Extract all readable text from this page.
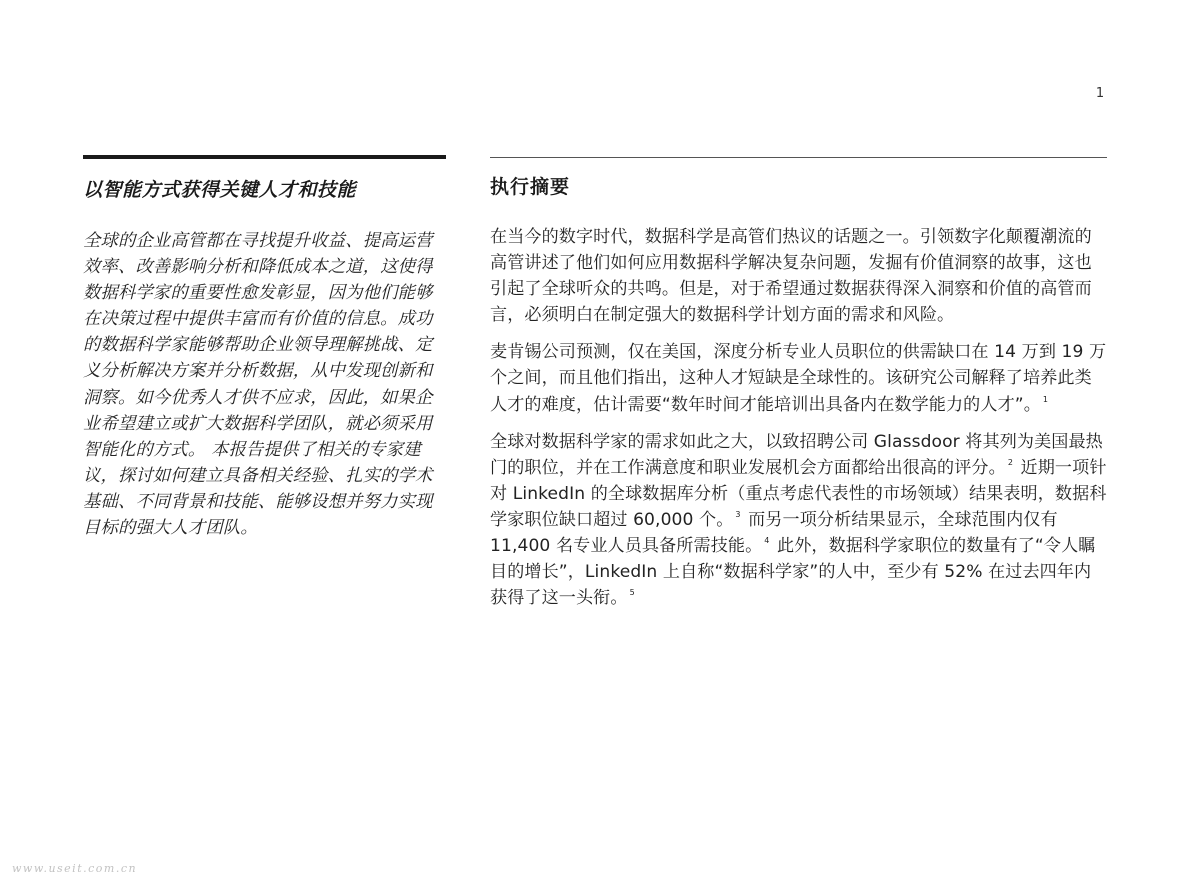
1
以智能方式获得关键人才和技能
全球的企业高管都在寻找提升收益、提高运营效率、改善影响分析和降低成本之道，这使得数据科学家的重要性愈发彰显，因为他们能够在决策过程中提供丰富而有价值的信息。成功的数据科学家能够帮助企业领导理解挑战、定义分析解决方案并分析数据，从中发现创新和洞察。如今优秀人才供不应求，因此，如果企业希望建立或扩大数据科学团队，就必须采用智能化的方式。 本报告提供了相关的专家建议，探讨如何建立具备相关经验、扎实的学术基础、不同背景和技能、能够设想并努力实现目标的强大人才团队。
执行摘要

在当今的数字时代，数据科学是高管们热议的话题之一。引领数字化颠覆潮流的高管讲述了他们如何应用数据科学解决复杂问题，发掘有价值洞察的故事，这也引起了全球听众的共鸣。但是，对于希望通过数据获得深入洞察和价值的高管而言，必须明白在制定强大的数据科学计划方面的需求和风险。

麦肯锡公司预测，仅在美国，深度分析专业人员职位的供需缺口在 14 万到 19 万个之间，而且他们指出，这种人才短缺是全球性的。该研究公司解释了培养此类人才的难度，估计需要“数年时间才能培训出具备内在数学能力的人才”。 $^1$

全球对数据科学家的需求如此之大，以致招聘公司 Glassdoor 将其列为美国最热门的职位，并在工作满意度和职业发展机会方面都给出很高的评分。 $^2$ 近期一项针对 LinkedIn 的全球数据库分析（重点考虑代表性的市场领域）结果表明，数据科学家职位缺口超过 60,000 个。 $^3$ 而另一项分析结果显示，全球范围内仅有 11,400 名专业人员具备所需技能。 $^4$ 此外，数据科学家职位的数量有了“令人瞩目的增长”，LinkedIn 上自称“数据科学家”的人中，至少有 52% 在过去四年内获得了这一头衔。 $^5$

www.useit.com.cn
